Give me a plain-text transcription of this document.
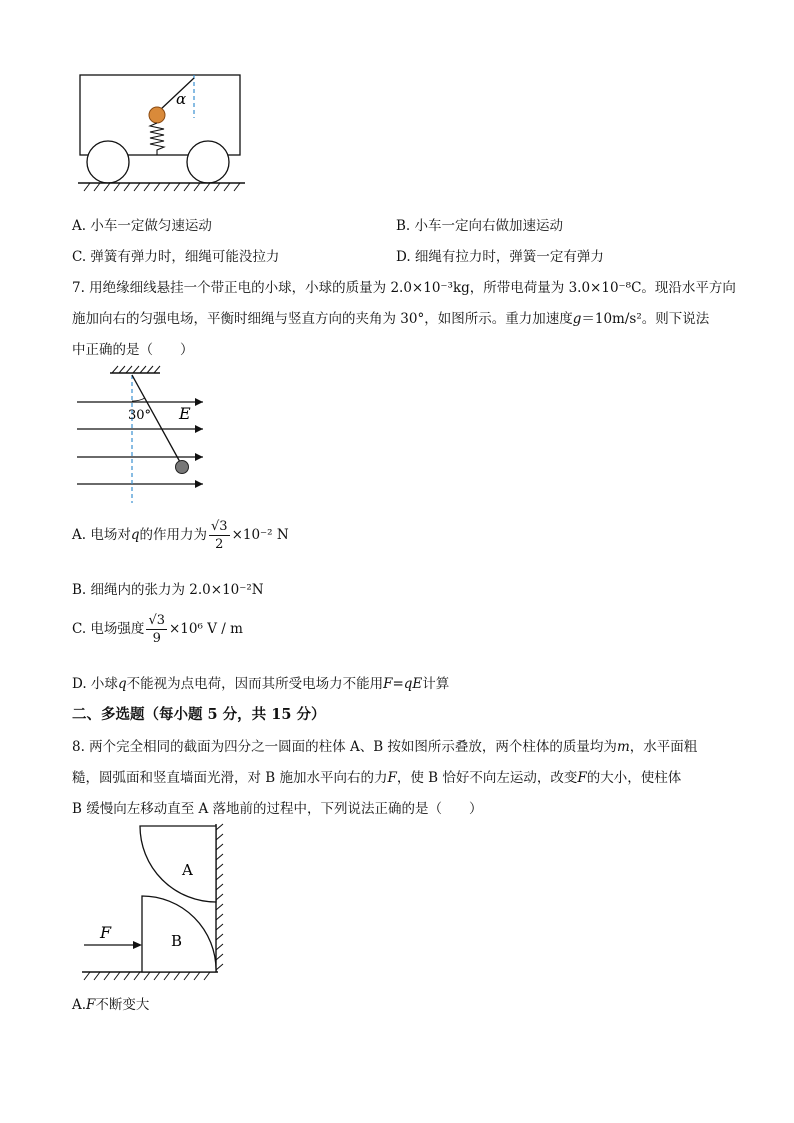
α
A. 小车一定做匀速运动	B. 小车一定向右做加速运动
C. 弹簧有弹力时，细绳可能没拉力	D. 细绳有拉力时，弹簧一定有弹力
7. 用绝缘细线悬挂一个带正电的小球，小球的质量为 2.0×10⁻³kg，所带电荷量为 3.0×10⁻⁸C。现沿水平方向
施加向右的匀强电场，平衡时细绳与竖直方向的夹角为 30°，如图所示。重力加速度g＝10m/s²。则下说法
中正确的是（　　）
30° E
A. 电场对q的作用力为 $\frac{√3}{2} \times 10^{-2}$ N
B. 细绳内的张力为 2.0×10⁻²N
C. 电场强度 $\frac{√3}{9} \times 10^6$ V / m
D. 小球q不能视为点电荷，因而其所受电场力不能用F=qE计算
二、多选题（每小题 5 分，共 15 分）
8. 两个完全相同的截面为四分之一圆面的柱体 A、B 按如图所示叠放，两个柱体的质量均为m，水平面粗
糙，圆弧面和竖直墙面光滑，对 B 施加水平向右的力F，使 B 恰好不向左运动，改变F的大小，使柱体
B 缓慢向左移动直至 A 落地前的过程中，下列说法正确的是（　　）
A
B
F
A.F不断变大
